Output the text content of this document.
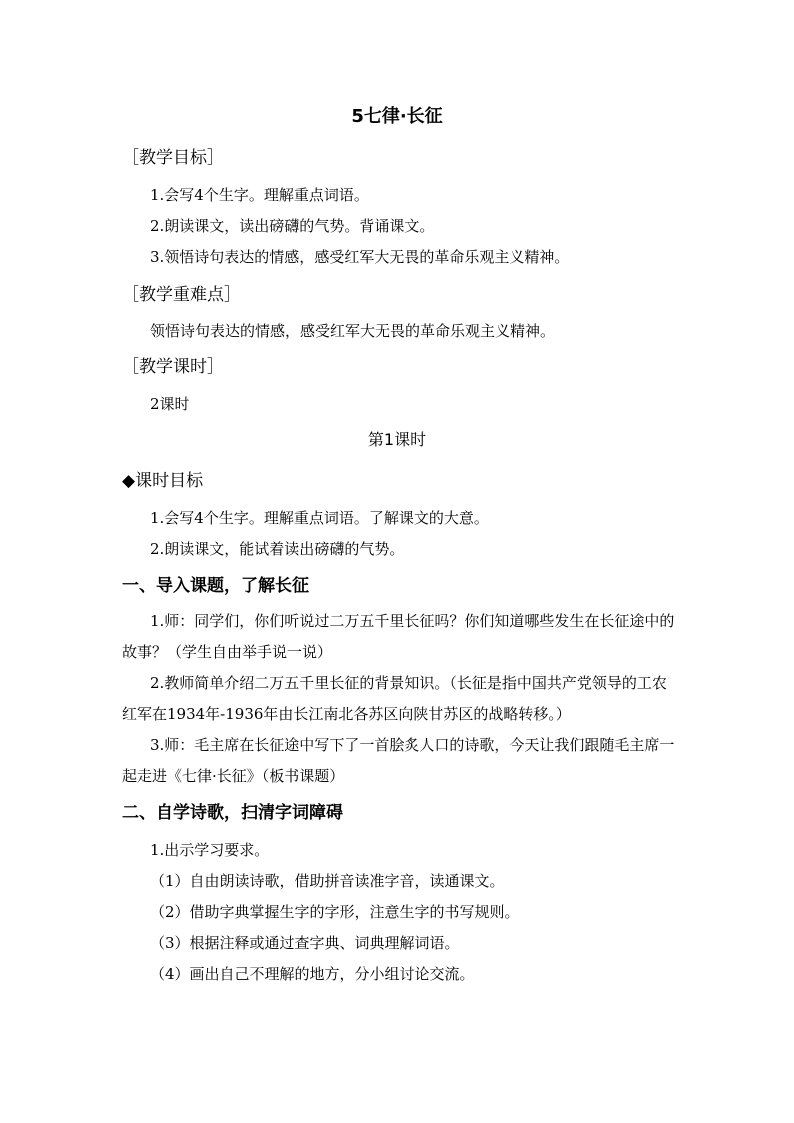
5七律·长征
［教学目标］
1.会写4个生字。理解重点词语。
2.朗读课文，读出磅礴的气势。背诵课文。
3.领悟诗句表达的情感，感受红军大无畏的革命乐观主义精神。
［教学重难点］
领悟诗句表达的情感，感受红军大无畏的革命乐观主义精神。
［教学课时］
2课时
第1课时
◆课时目标
1.会写4个生字。理解重点词语。了解课文的大意。
2.朗读课文，能试着读出磅礴的气势。
一、导入课题，了解长征
1.师：同学们，你们听说过二万五千里长征吗？你们知道哪些发生在长征途中的故事？（学生自由举手说一说）
2.教师简单介绍二万五千里长征的背景知识。（长征是指中国共产党领导的工农红军在1934年-1936年由长江南北各苏区向陕甘苏区的战略转移。）
3.师：毛主席在长征途中写下了一首脍炙人口的诗歌，今天让我们跟随毛主席一起走进《七律·长征》（板书课题）
二、自学诗歌，扫清字词障碍
1.出示学习要求。
（1）自由朗读诗歌，借助拼音读准字音，读通课文。
（2）借助字典掌握生字的字形，注意生字的书写规则。
（3）根据注释或通过查字典、词典理解词语。
（4）画出自己不理解的地方，分小组讨论交流。
